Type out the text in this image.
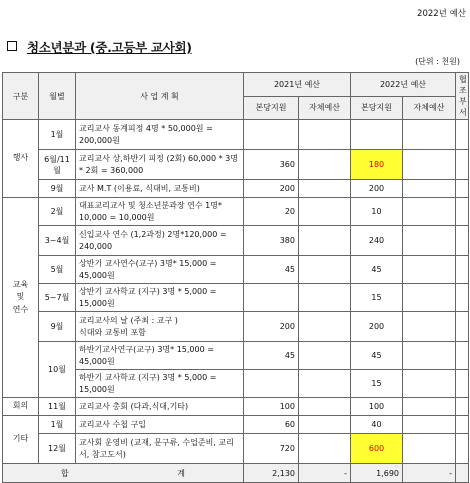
2022년 예산
청소년분과 (중.고등부 교사회)
(단위 : 천원)
구분	월별	사 업 계 획	2021년 예산		2022년 예산		협조 부서
			본당지원	자체예산	본당지원	자체예산	
행사	1월	교리교사 동계피정 4명 * 50,000원 = 200,000원					
	6월/11월	교리교사 상,하반기 피정 (2회) 60,000 * 3명 * 2회 = 360,000	360		180		
	9월	교사 M.T (이용료, 식대비, 교통비)	200		200		
교육 및 연수	2월	대표교리교사 및 청소년분과장 연수 1명* 10,000 = 10,000원	20		10		
	3~4월	신입교사 연수 (1,2과정) 2명*120,000 = 240,000	380		240		
	5월	상반기 교사연수(교구) 3명* 15,000 = 45,000원	45		45		
	5~7월	상반기 교사학교 (지구) 3명 * 5,000 = 15,000원			15		
	9월	교리교사의 날 (주최 : 교구 )
식대와 교통비 포함	200		200		
	10월	하반기교사연구(교구) 3명* 15,000 = 45,000원	45		45		
		하반기 교사학교 (지구) 3명 * 5,000 = 15,000원			15		
회의	11월	교리교사 총회 (다과,식대,기타)	100		100		
기타	1월	교리교사 수첩 구입	60		40		
	12월	교사회 운영비 (교재, 문구류, 수업준비, 교리서, 참고도서)	720		600		

합 계			2,130	-	1,690	-	
